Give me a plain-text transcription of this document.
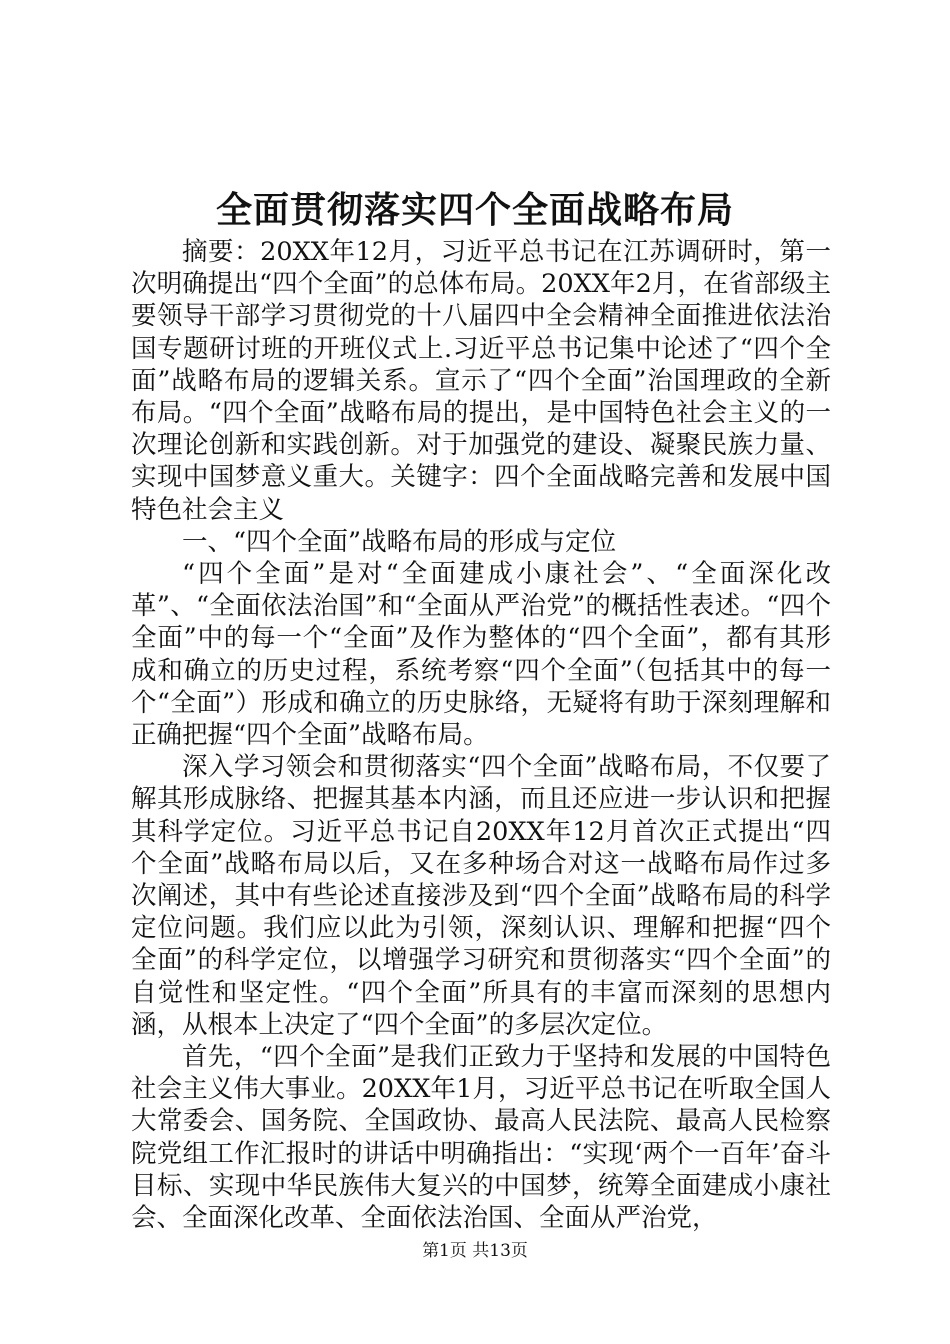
全面贯彻落实四个全面战略布局

摘要：20XX年12月，习近平总书记在江苏调研时，第一次明确提出“四个全面”的总体布局。20XX年2月，在省部级主要领导干部学习贯彻党的十八届四中全会精神全面推进依法治国专题研讨班的开班仪式上.习近平总书记集中论述了“四个全面”战略布局的逻辑关系。宣示了“四个全面”治国理政的全新布局。“四个全面”战略布局的提出，是中国特色社会主义的一次理论创新和实践创新。对于加强党的建设、凝聚民族力量、实现中国梦意义重大。关键字：四个全面战略完善和发展中国特色社会主义

一、“四个全面”战略布局的形成与定位

“四个全面”是对“全面建成小康社会”、“全面深化改革”、“全面依法治国”和“全面从严治党”的概括性表述。“四个全面”中的每一个“全面”及作为整体的“四个全面”，都有其形成和确立的历史过程，系统考察“四个全面”（包括其中的每一个“全面”）形成和确立的历史脉络，无疑将有助于深刻理解和正确把握“四个全面”战略布局。

深入学习领会和贯彻落实“四个全面”战略布局，不仅要了解其形成脉络、把握其基本内涵，而且还应进一步认识和把握其科学定位。习近平总书记自20XX年12月首次正式提出“四个全面”战略布局以后，又在多种场合对这一战略布局作过多次阐述，其中有些论述直接涉及到“四个全面”战略布局的科学定位问题。我们应以此为引领，深刻认识、理解和把握“四个全面”的科学定位，以增强学习研究和贯彻落实“四个全面”的自觉性和坚定性。“四个全面”所具有的丰富而深刻的思想内涵，从根本上决定了“四个全面”的多层次定位。

首先，“四个全面”是我们正致力于坚持和发展的中国特色社会主义伟大事业。20XX年1月，习近平总书记在听取全国人大常委会、国务院、全国政协、最高人民法院、最高人民检察院党组工作汇报时的讲话中明确指出：“实现‘两个一百年’奋斗目标、实现中华民族伟大复兴的中国梦，统筹全面建成小康社会、全面深化改革、全面依法治国、全面从严治党，

第1页 共13页
